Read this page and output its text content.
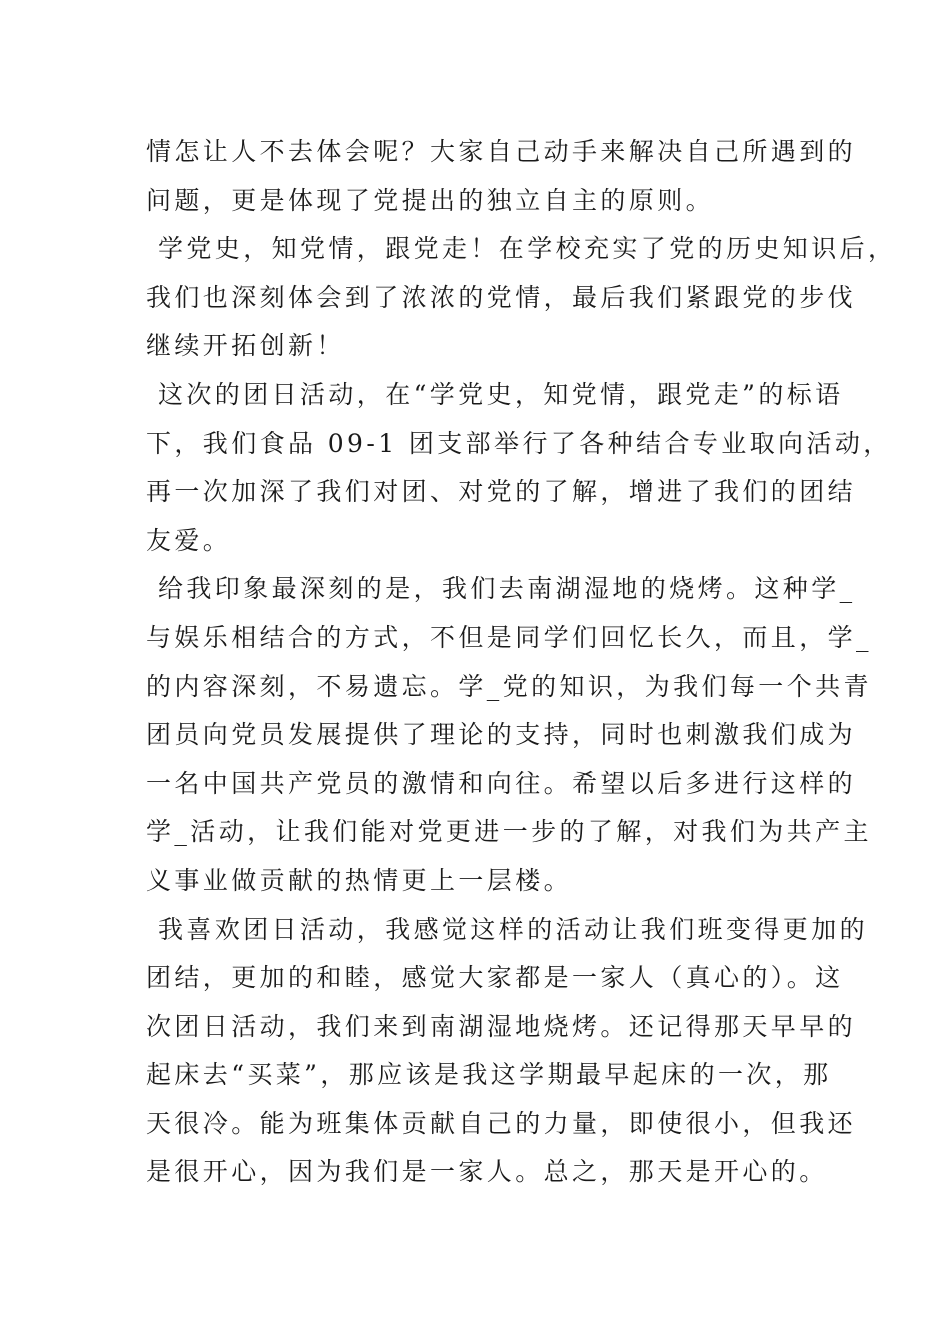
情怎让人不去体会呢？大家自己动手来解决自己所遇到的
问题，更是体现了党提出的独立自主的原则。
学党史，知党情，跟党走！在学校充实了党的历史知识后，
我们也深刻体会到了浓浓的党情，最后我们紧跟党的步伐
继续开拓创新！
这次的团日活动，在“学党史，知党情，跟党走”的标语
下，我们食品 09-1 团支部举行了各种结合专业取向活动，
再一次加深了我们对团、对党的了解，增进了我们的团结
友爱。
给我印象最深刻的是，我们去南湖湿地的烧烤。这种学_
与娱乐相结合的方式，不但是同学们回忆长久，而且，学_
的内容深刻，不易遗忘。学_党的知识，为我们每一个共青
团员向党员发展提供了理论的支持，同时也刺激我们成为
一名中国共产党员的激情和向往。希望以后多进行这样的
学_活动，让我们能对党更进一步的了解，对我们为共产主
义事业做贡献的热情更上一层楼。
我喜欢团日活动，我感觉这样的活动让我们班变得更加的
团结，更加的和睦，感觉大家都是一家人（真心的）。这
次团日活动，我们来到南湖湿地烧烤。还记得那天早早的
起床去“买菜”，那应该是我这学期最早起床的一次，那
天很冷。能为班集体贡献自己的力量，即使很小，但我还
是很开心，因为我们是一家人。总之，那天是开心的。
